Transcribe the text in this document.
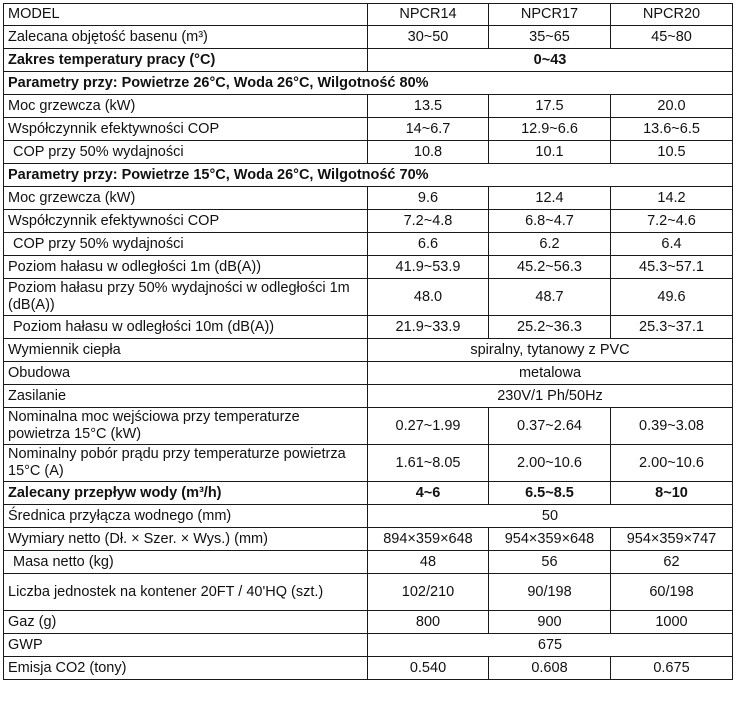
MODEL	NPCR14	NPCR17	NPCR20
Zalecana objętość basenu (m³)	30~50	35~65	45~80
Zakres temperatury pracy (°C)	0~43		
Parametry przy: Powietrze 26°C, Woda 26°C, Wilgotność 80%			
Moc grzewcza (kW)	13.5	17.5	20.0
Współczynnik efektywności COP	14~6.7	12.9~6.6	13.6~6.5
COP przy 50% wydajności	10.8	10.1	10.5
Parametry przy: Powietrze 15°C, Woda 26°C, Wilgotność 70%			
Moc grzewcza (kW)	9.6	12.4	14.2
Współczynnik efektywności COP	7.2~4.8	6.8~4.7	7.2~4.6
COP przy 50% wydajności	6.6	6.2	6.4
Poziom hałasu w odległości 1m (dB(A))	41.9~53.9	45.2~56.3	45.3~57.1
Poziom hałasu przy 50% wydajności w odległości 1m (dB(A))	48.0	48.7	49.6
Poziom hałasu w odległości 10m (dB(A))	21.9~33.9	25.2~36.3	25.3~37.1
Wymiennik ciepła	spiralny, tytanowy z PVC		
Obudowa	metalowa		
Zasilanie	230V/1 Ph/50Hz		
Nominalna moc wejściowa przy temperaturze powietrza 15°C (kW)	0.27~1.99	0.37~2.64	0.39~3.08
Nominalny pobór prądu przy temperaturze powietrza 15°C (A)	1.61~8.05	2.00~10.6	2.00~10.6
Zalecany przepływ wody (m³/h)	4~6	6.5~8.5	8~10
Średnica przyłącza wodnego (mm)	50		
Wymiary netto (Dł. × Szer. × Wys.) (mm)	894×359×648	954×359×648	954×359×747
Masa netto (kg)	48	56	62
Liczba jednostek na kontener 20FT / 40'HQ (szt.)	102/210	90/198	60/198
Gaz (g)	800	900	1000
GWP	675		
Emisja CO2 (tony)	0.540	0.608	0.675
